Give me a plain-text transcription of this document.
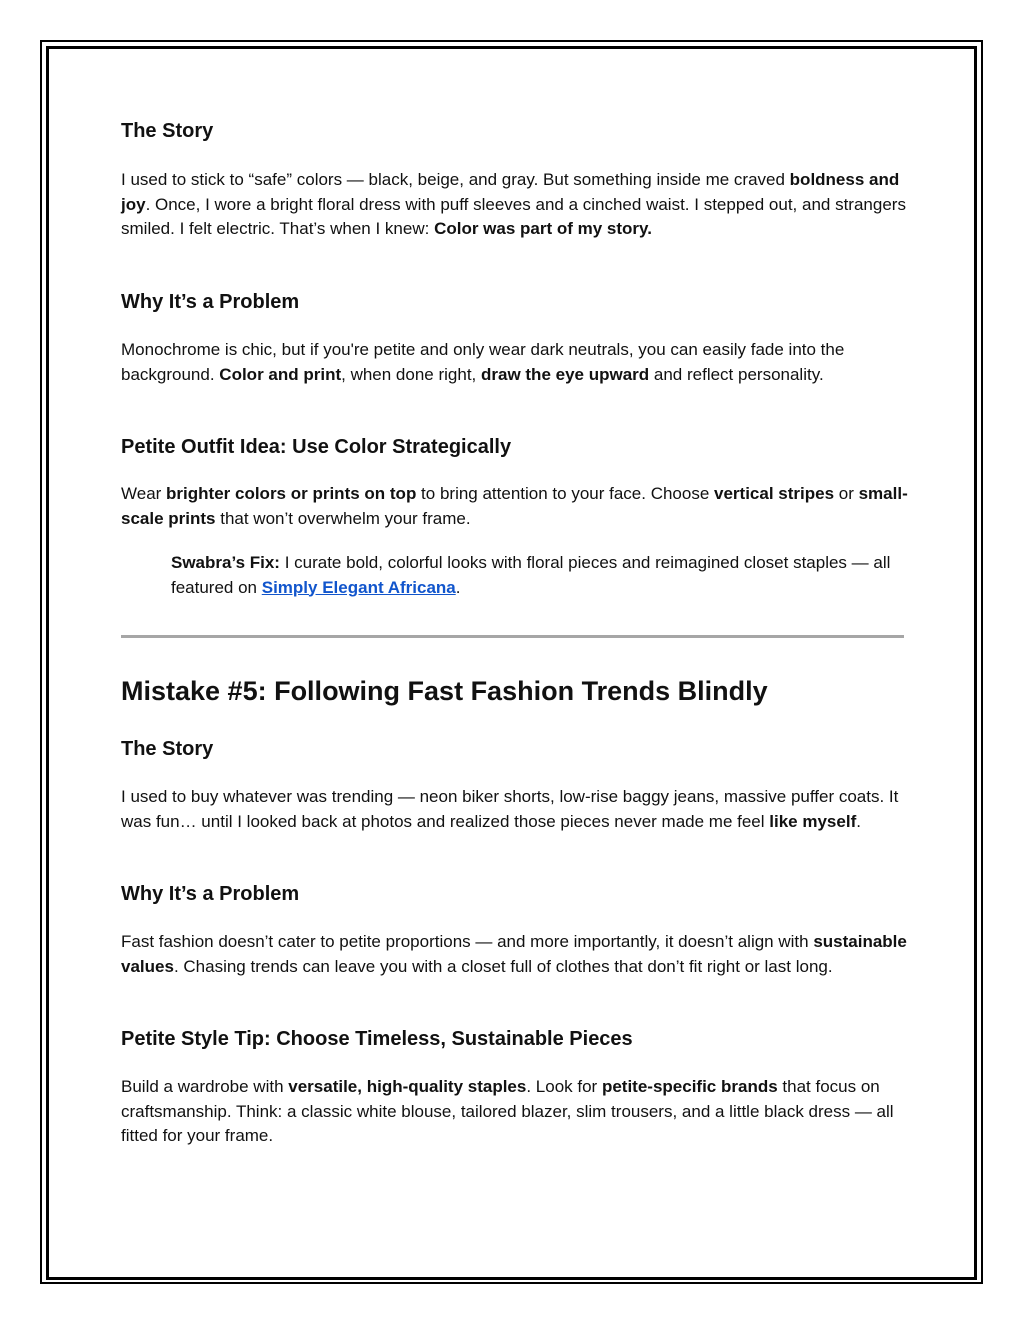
The Story

I used to stick to “safe” colors — black, beige, and gray. But something inside me craved boldness and joy. Once, I wore a bright floral dress with puff sleeves and a cinched waist. I stepped out, and strangers smiled. I felt electric. That’s when I knew: Color was part of my story.

Why It’s a Problem

Monochrome is chic, but if you're petite and only wear dark neutrals, you can easily fade into the background. Color and print, when done right, draw the eye upward and reflect personality.

Petite Outfit Idea: Use Color Strategically

Wear brighter colors or prints on top to bring attention to your face. Choose vertical stripes or small-scale prints that won’t overwhelm your frame.

Swabra’s Fix: I curate bold, colorful looks with floral pieces and reimagined closet staples — all featured on Simply Elegant Africana.

Mistake #5: Following Fast Fashion Trends Blindly
The Story

I used to buy whatever was trending — neon biker shorts, low-rise baggy jeans, massive puffer coats. It was fun… until I looked back at photos and realized those pieces never made me feel like myself.

Why It’s a Problem

Fast fashion doesn’t cater to petite proportions — and more importantly, it doesn’t align with sustainable values. Chasing trends can leave you with a closet full of clothes that don’t fit right or last long.

Petite Style Tip: Choose Timeless, Sustainable Pieces

Build a wardrobe with versatile, high-quality staples. Look for petite-specific brands that focus on craftsmanship. Think: a classic white blouse, tailored blazer, slim trousers, and a little black dress — all fitted for your frame.
